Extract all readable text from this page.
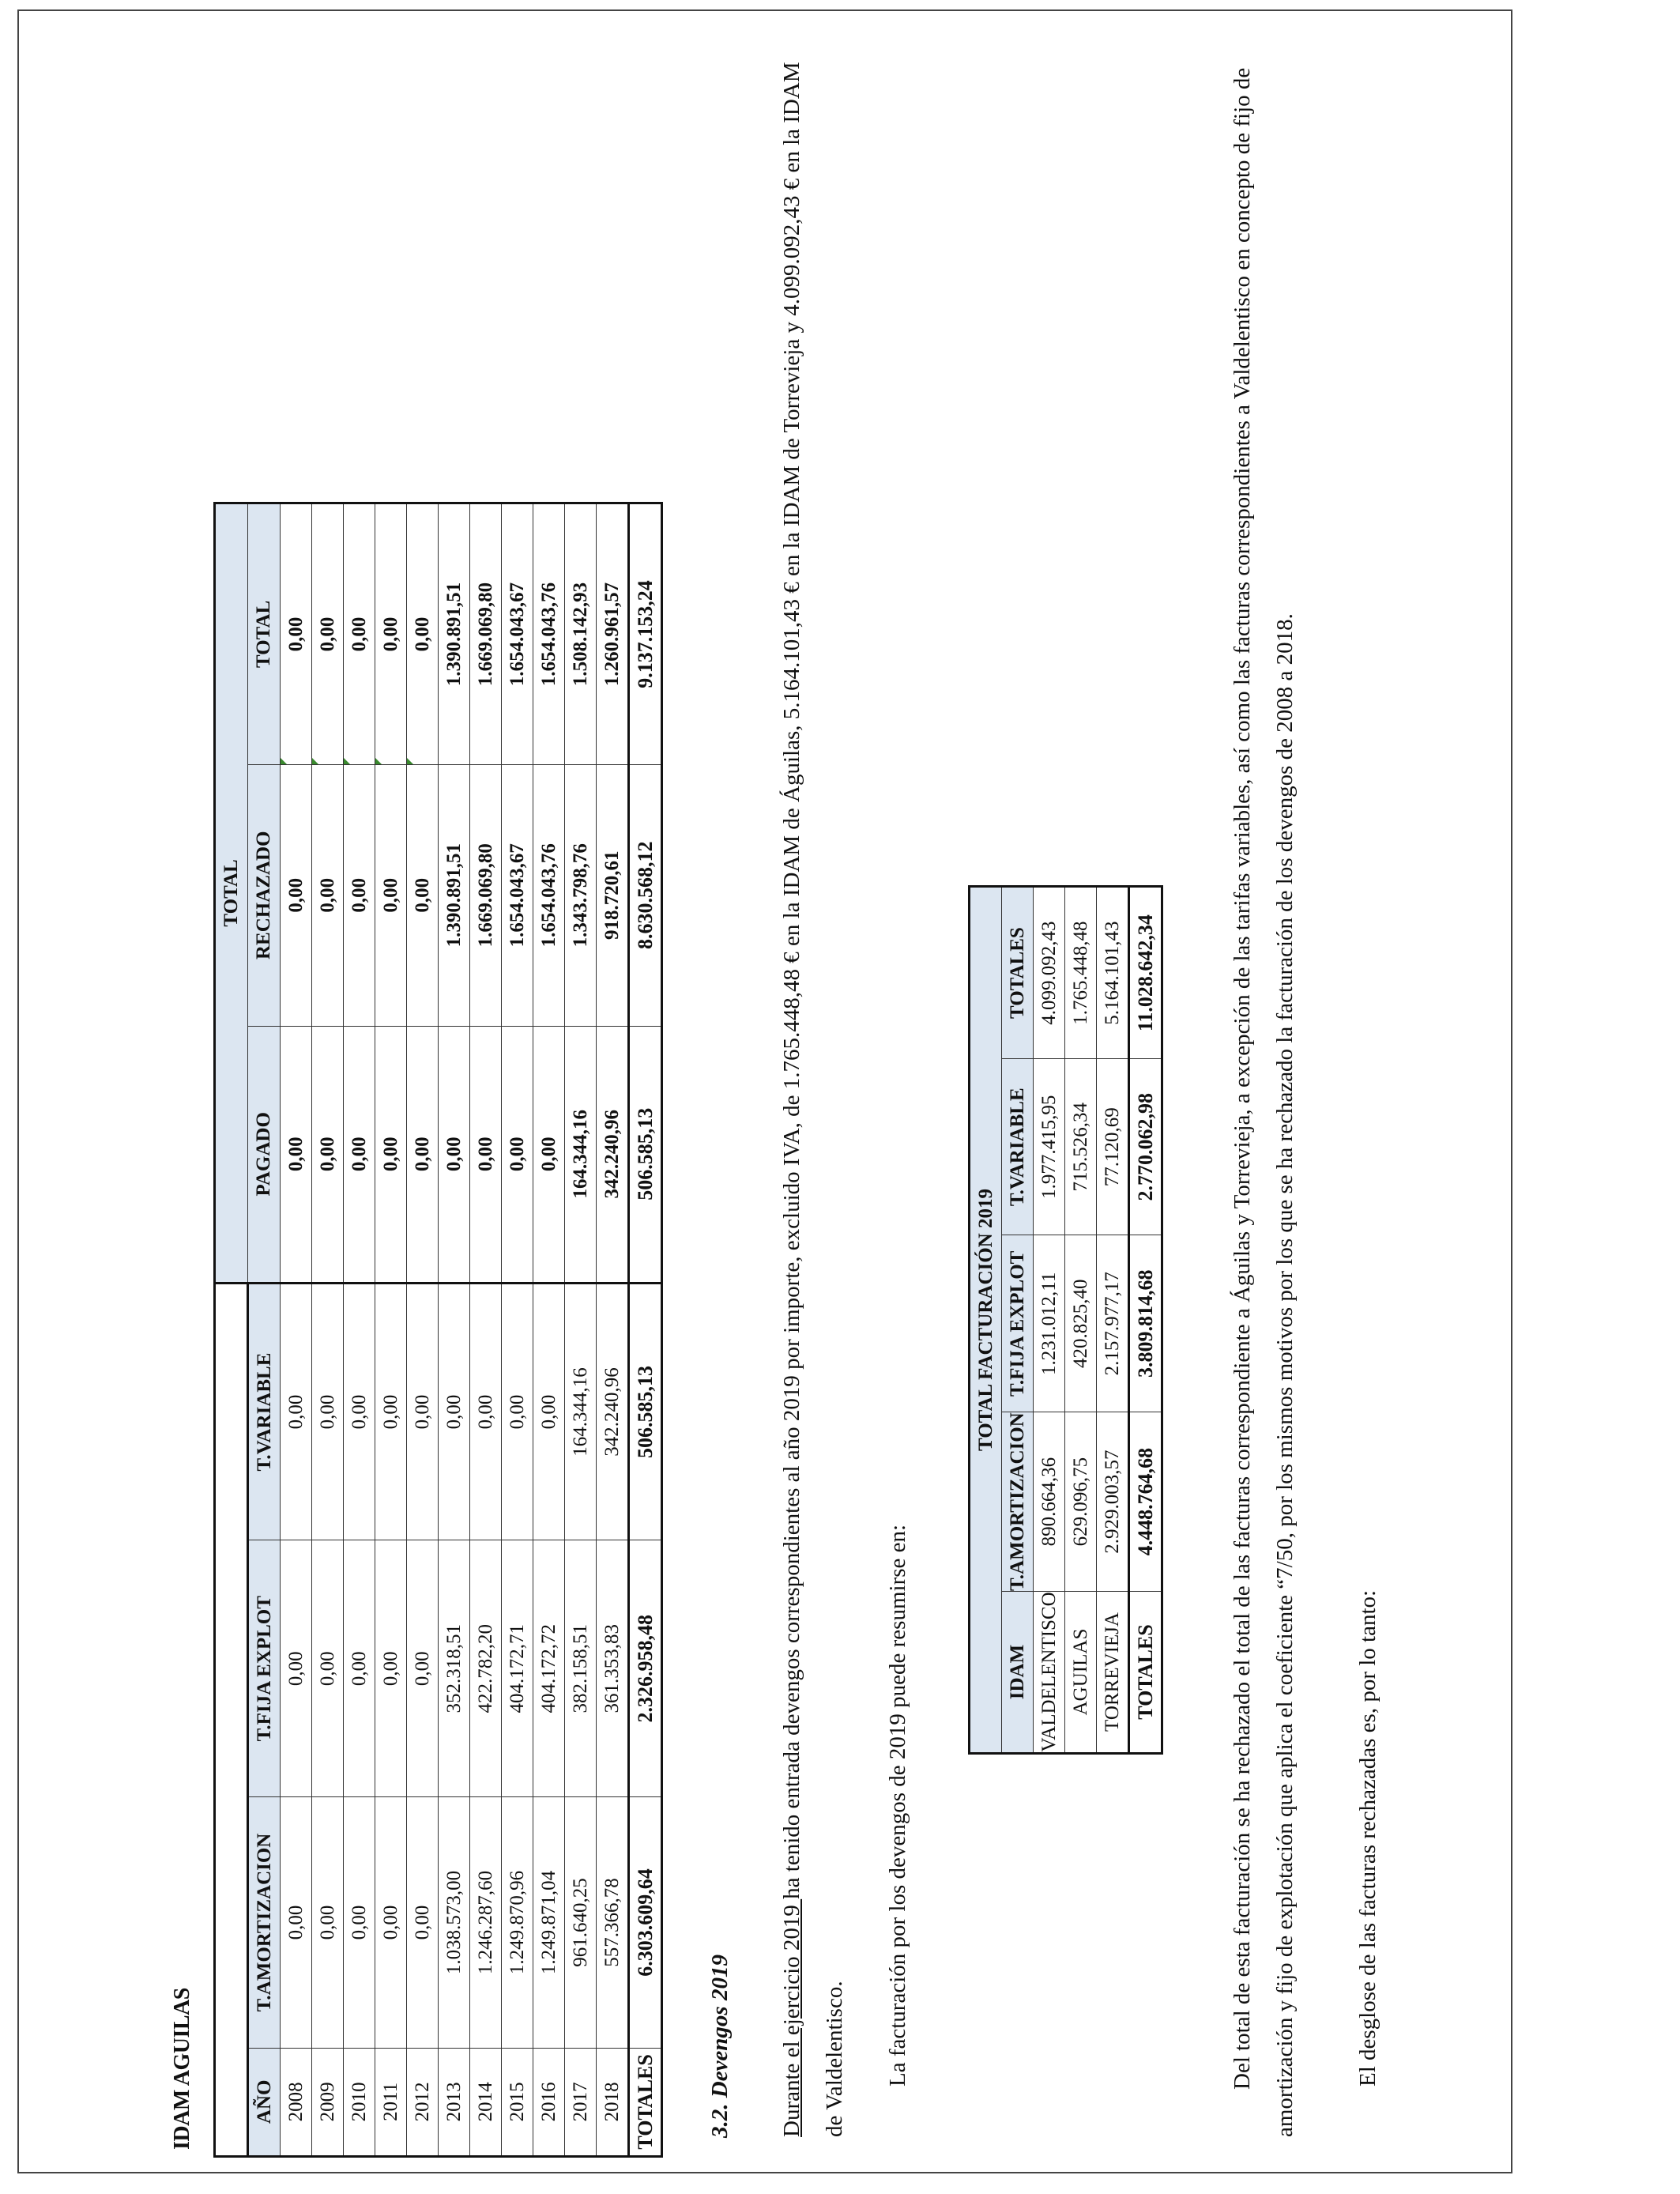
IDAM AGUILAS
				TOTAL		
AÑO	T.AMORTIZACION	T.FIJA EXPLOT	T.VARIABLE	PAGADO	RECHAZADO	TOTAL
2008	0,00	0,00	0,00	0,00	0,00	0,00
2009	0,00	0,00	0,00	0,00	0,00	0,00
2010	0,00	0,00	0,00	0,00	0,00	0,00
2011	0,00	0,00	0,00	0,00	0,00	0,00
2012	0,00	0,00	0,00	0,00	0,00	0,00
2013	1.038.573,00	352.318,51	0,00	0,00	1.390.891,51	1.390.891,51
2014	1.246.287,60	422.782,20	0,00	0,00	1.669.069,80	1.669.069,80
2015	1.249.870,96	404.172,71	0,00	0,00	1.654.043,67	1.654.043,67
2016	1.249.871,04	404.172,72	0,00	0,00	1.654.043,76	1.654.043,76
2017	961.640,25	382.158,51	164.344,16	164.344,16	1.343.798,76	1.508.142,93
2018	557.366,78	361.353,83	342.240,96	342.240,96	918.720,61	1.260.961,57
TOTALES	6.303.609,64	2.326.958,48	506.585,13	506.585,13	8.630.568,12	9.137.153,24
3.2. Devengos 2019	Durante el ejercicio 2019 ha tenido entrada devengos correspondientes al año 2019 por importe, excluido IVA, de 1.765.448,48 € en la IDAM de Águilas, 5.164.101,43 € en la IDAM de Torrevieja y 4.099.092,43 € en la IDAM de Valdelentisco.	La facturación por los devengos de 2019 puede resumirse en:
TOTAL FACTURACIÓN 2019				
IDAM	T.AMORTIZACION	T.FIJA EXPLOT	T.VARIABLE	TOTALES
VALDELENTISCO	890.664,36	1.231.012,11	1.977.415,95	4.099.092,43
AGUILAS	629.096,75	420.825,40	715.526,34	1.765.448,48
TORREVIEJA	2.929.003,57	2.157.977,17	77.120,69	5.164.101,43
TOTALES	4.448.764,68	3.809.814,68	2.770.062,98	11.028.642,34	Del total de esta facturación se ha rechazado el total de las facturas correspondiente a Águilas y Torrevieja, a excepción de las tarifas variables, así como las facturas correspondientes a Valdelentisco en concepto de fijo de amortización y fijo de explotación que aplica el coeficiente “7/50, por los mismos motivos por los que se ha rechazado la facturación de los devengos de 2008 a 2018.	El desglose de las facturas rechazadas es, por lo tanto:
